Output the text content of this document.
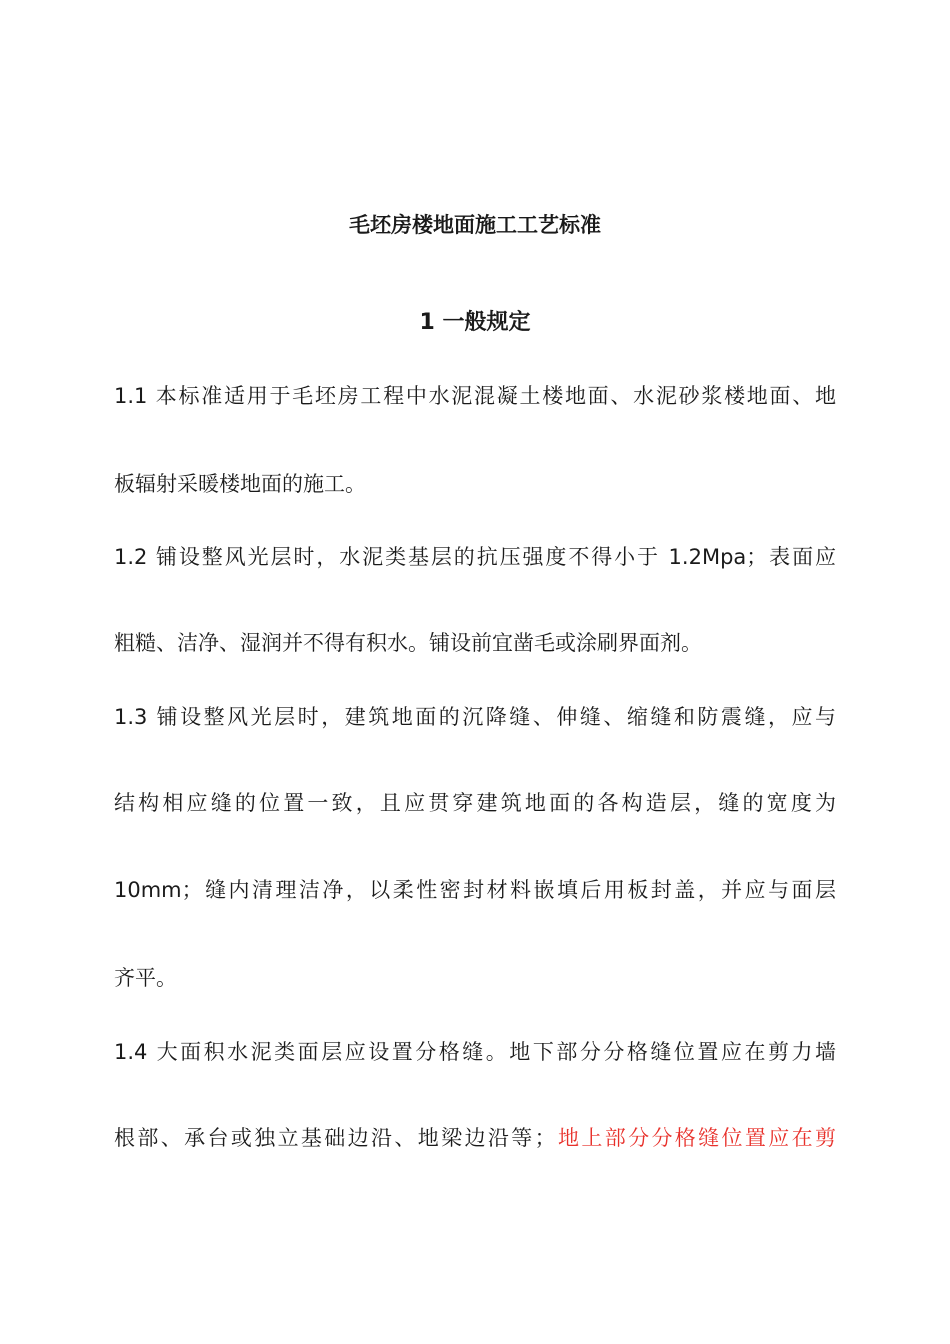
毛坯房楼地面施工工艺标准
1 一般规定

1.1 本标准适用于毛坯房工程中水泥混凝土楼地面、水泥砂浆楼地面、地

板辐射采暖楼地面的施工。

1.2 铺设整风光层时，水泥类基层的抗压强度不得小于 1.2Mpa；表面应

粗糙、洁净、湿润并不得有积水。铺设前宜凿毛或涂刷界面剂。

1.3 铺设整风光层时，建筑地面的沉降缝、伸缝、缩缝和防震缝，应与

结构相应缝的位置一致，且应贯穿建筑地面的各构造层，缝的宽度为

10mm；缝内清理洁净，以柔性密封材料嵌填后用板封盖，并应与面层

齐平。

1.4 大面积水泥类面层应设置分格缝。地下部分分格缝位置应在剪力墙

根部、承台或独立基础边沿、地梁边沿等；地上部分分格缝位置应在剪
